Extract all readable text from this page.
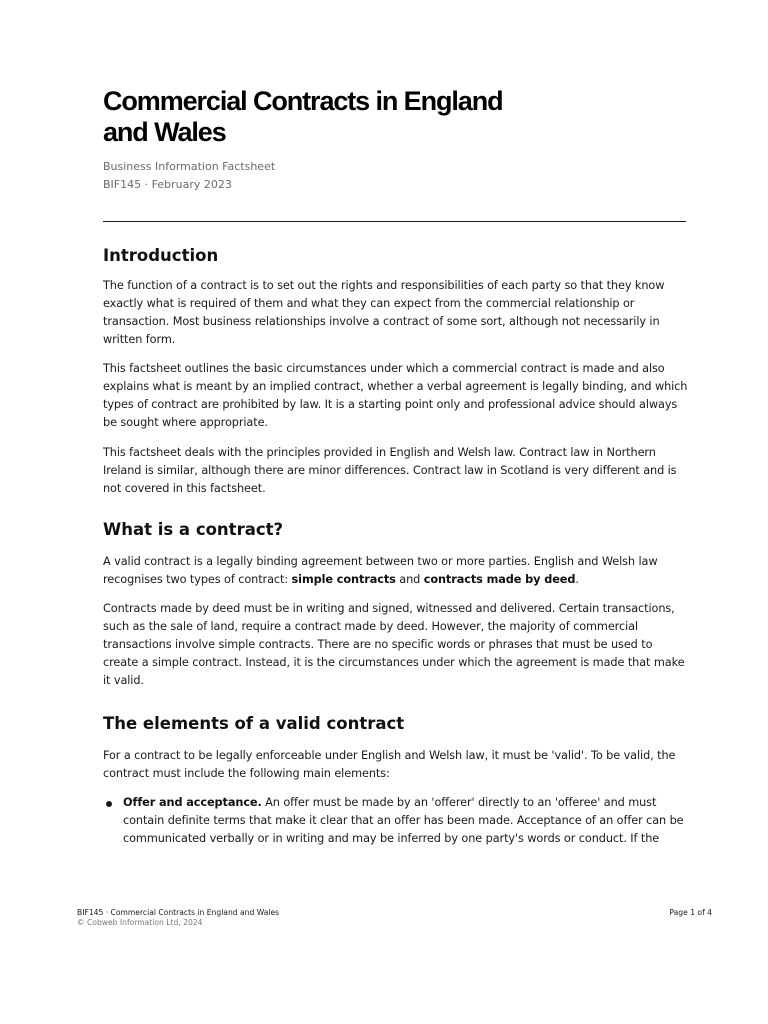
Commercial Contracts in England and Wales
Business Information Factsheet
BIF145 · February 2023
Introduction

The function of a contract is to set out the rights and responsibilities of each party so that they know exactly what is required of them and what they can expect from the commercial relationship or transaction. Most business relationships involve a contract of some sort, although not necessarily in written form.

This factsheet outlines the basic circumstances under which a commercial contract is made and also explains what is meant by an implied contract, whether a verbal agreement is legally binding, and which types of contract are prohibited by law. It is a starting point only and professional advice should always be sought where appropriate.

This factsheet deals with the principles provided in English and Welsh law. Contract law in Northern Ireland is similar, although there are minor differences. Contract law in Scotland is very different and is not covered in this factsheet.

What is a contract?

A valid contract is a legally binding agreement between two or more parties. English and Welsh law recognises two types of contract: simple contracts and contracts made by deed.

Contracts made by deed must be in writing and signed, witnessed and delivered. Certain transactions, such as the sale of land, require a contract made by deed. However, the majority of commercial transactions involve simple contracts. There are no specific words or phrases that must be used to create a simple contract. Instead, it is the circumstances under which the agreement is made that make it valid.

The elements of a valid contract

For a contract to be legally enforceable under English and Welsh law, it must be 'valid'. To be valid, the contract must include the following main elements:

Offer and acceptance. An offer must be made by an 'offerer' directly to an 'offeree' and must contain definite terms that make it clear that an offer has been made. Acceptance of an offer can be communicated verbally or in writing and may be inferred by one party's words or conduct. If the

BIF145 · Commercial Contracts in England and Wales
© Cobweb Information Ltd, 2024
Page 1 of 4
